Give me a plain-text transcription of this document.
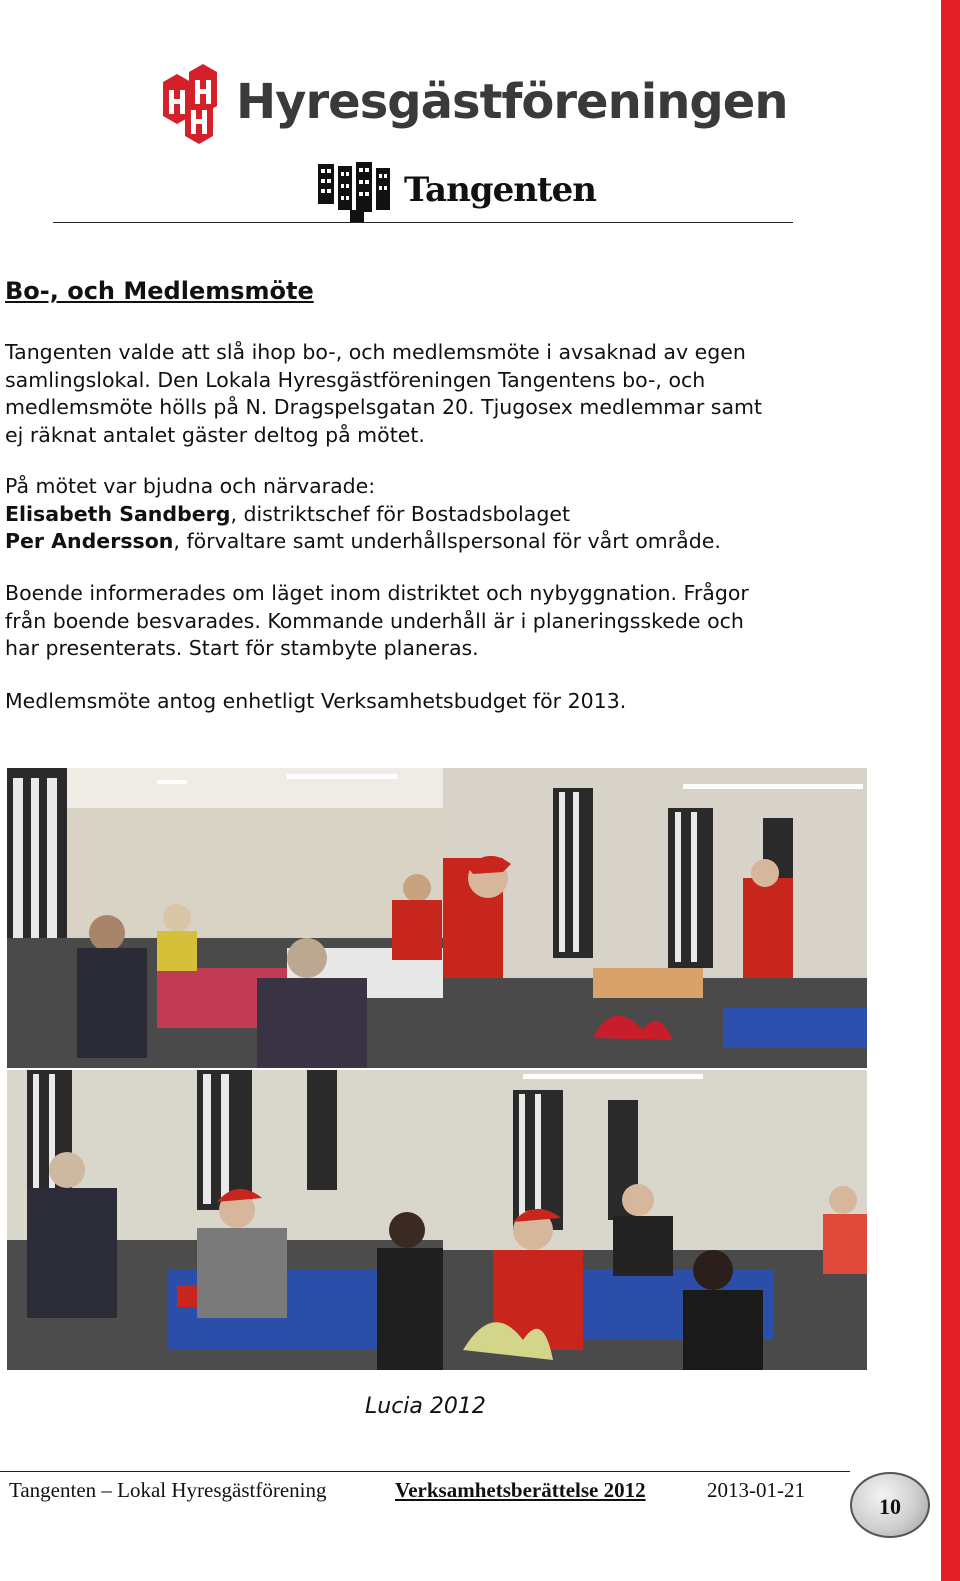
Hyresgästföreningen
Tangenten
Bo-, och Medlemsmöte
Tangenten valde att slå ihop bo-, och medlemsmöte i avsaknad av egen
samlingslokal. Den Lokala Hyresgästföreningen Tangentens bo-, och
medlemsmöte hölls på N. Dragspelsgatan 20. Tjugosex medlemmar samt
ej räknat antalet gäster deltog på mötet.
På mötet var bjudna och närvarade:
Elisabeth Sandberg, distriktschef för Bostadsbolaget
Per Andersson, förvaltare samt underhållspersonal för vårt område.
Boende informerades om läget inom distriktet och nybyggnation. Frågor
från boende besvarades. Kommande underhåll är i planeringsskede och
har presenterats. Start för stambyte planeras.
Medlemsmöte antog enhetligt Verksamhetsbudget för 2013.
Lucia 2012
Tangenten – Lokal Hyresgästförening	Verksamhetsberättelse 2012	2013-01-21
10
